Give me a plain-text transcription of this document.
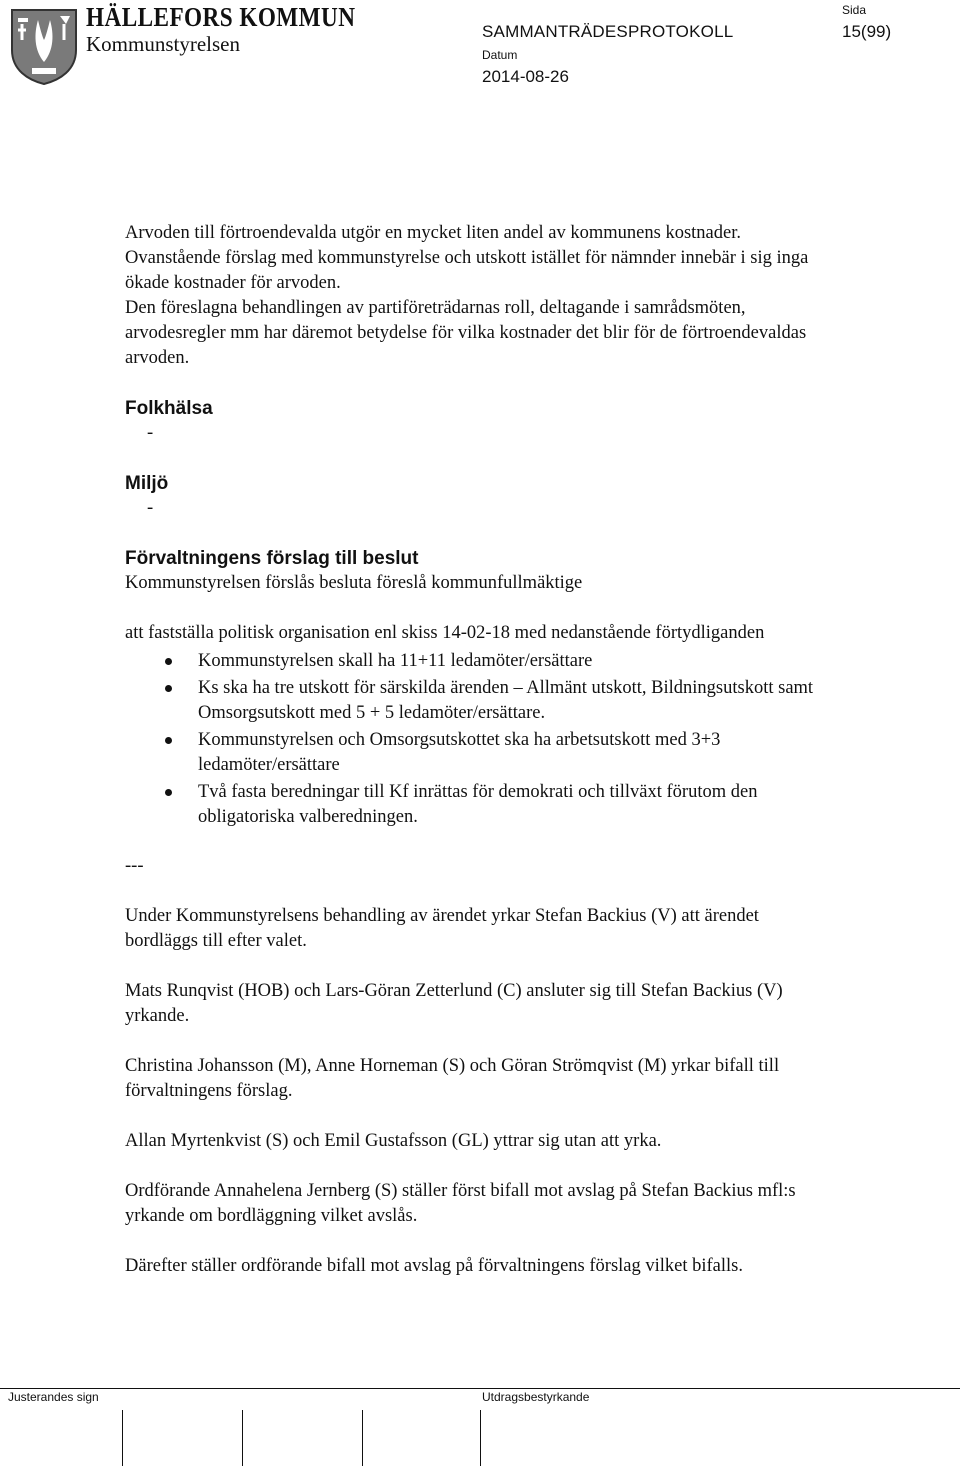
HÄLLEFORS KOMMUN
Kommunstyrelsen
SAMMANTRÄDESPROTOKOLL
Sida
15(99)
Datum
2014-08-26

Arvoden till förtroendevalda utgör en mycket liten andel av kommunens kostnader.

Ovanstående förslag med kommunstyrelse och utskott istället för nämnder innebär i sig inga ökade kostnader för arvoden.

Den föreslagna behandlingen av partiföreträdarnas roll, deltagande i samrådsmöten, arvodesregler mm har däremot betydelse för vilka kostnader det blir för de förtroendevaldas arvoden.

Folkhälsa

-

Miljö

-

Förvaltningens förslag till beslut

Kommunstyrelsen förslås besluta föreslå kommunfullmäktige

att fastställa politisk organisation enl skiss 14-02-18 med nedanstående förtydliganden

Kommunstyrelsen skall ha 11+11 ledamöter/ersättare
Ks ska ha tre utskott för särskilda ärenden – Allmänt utskott, Bildningsutskott samt Omsorgsutskott med 5 + 5 ledamöter/ersättare.
Kommunstyrelsen och Omsorgsutskottet ska ha arbetsutskott med 3+3 ledamöter/ersättare
Två fasta beredningar till Kf inrättas för demokrati och tillväxt förutom den obligatoriska valberedningen.

---

Under Kommunstyrelsens behandling av ärendet yrkar Stefan Backius (V) att ärendet bordläggs till efter valet.

Mats Runqvist (HOB) och Lars-Göran Zetterlund (C) ansluter sig till Stefan Backius (V) yrkande.

Christina Johansson (M), Anne Horneman (S) och Göran Strömqvist (M) yrkar bifall till förvaltningens förslag.

Allan Myrtenkvist (S) och Emil Gustafsson (GL) yttrar sig utan att yrka.

Ordförande Annahelena Jernberg (S) ställer först bifall mot avslag på Stefan Backius mfl:s yrkande om bordläggning vilket avslås.

Därefter ställer ordförande bifall mot avslag på förvaltningens förslag vilket bifalls.

Justerandes sign	Utdragsbestyrkande
